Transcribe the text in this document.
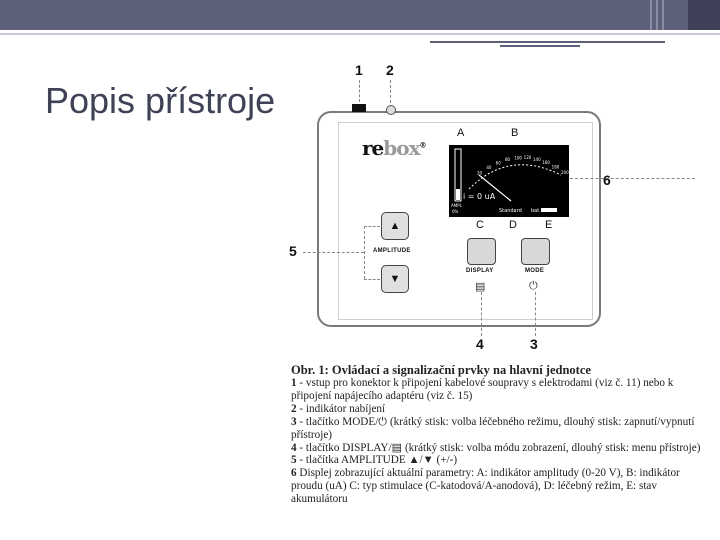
Popis přístroje
1 2
rebox®
A	B
C D	E
i = 0 uA
Standard bat
AMPL
0%
20
40
60
80 100 120 140
160
180
200 6
▲
AMPLITUDE
▼
5
DISPLAY
▤
MODE
⏻
4	3
Obr. 1: Ovládací a signalizační prvky na hlavní jednotce
1 - vstup pro konektor k připojení kabelové soupravy s elektrodami (viz č. 11) nebo k připojení napájecího adaptéru (viz č. 15)
2 - indikátor nabíjení
3 - tlačítko MODE/⏻ (krátký stisk: volba léčebného režimu, dlouhý stisk: zapnutí/vypnutí přístroje)
4 - tlačítko DISPLAY/▤ (krátký stisk: volba módu zobrazení, dlouhý stisk: menu přístroje)
5 - tlačítka AMPLITUDE ▲/▼ (+/-)
6 Displej zobrazující aktuální parametry: A: indikátor amplitudy (0-20 V), B: indikátor proudu (uA) C: typ stimulace (C-katodová/A-anodová), D: léčebný režim, E: stav akumulátoru
